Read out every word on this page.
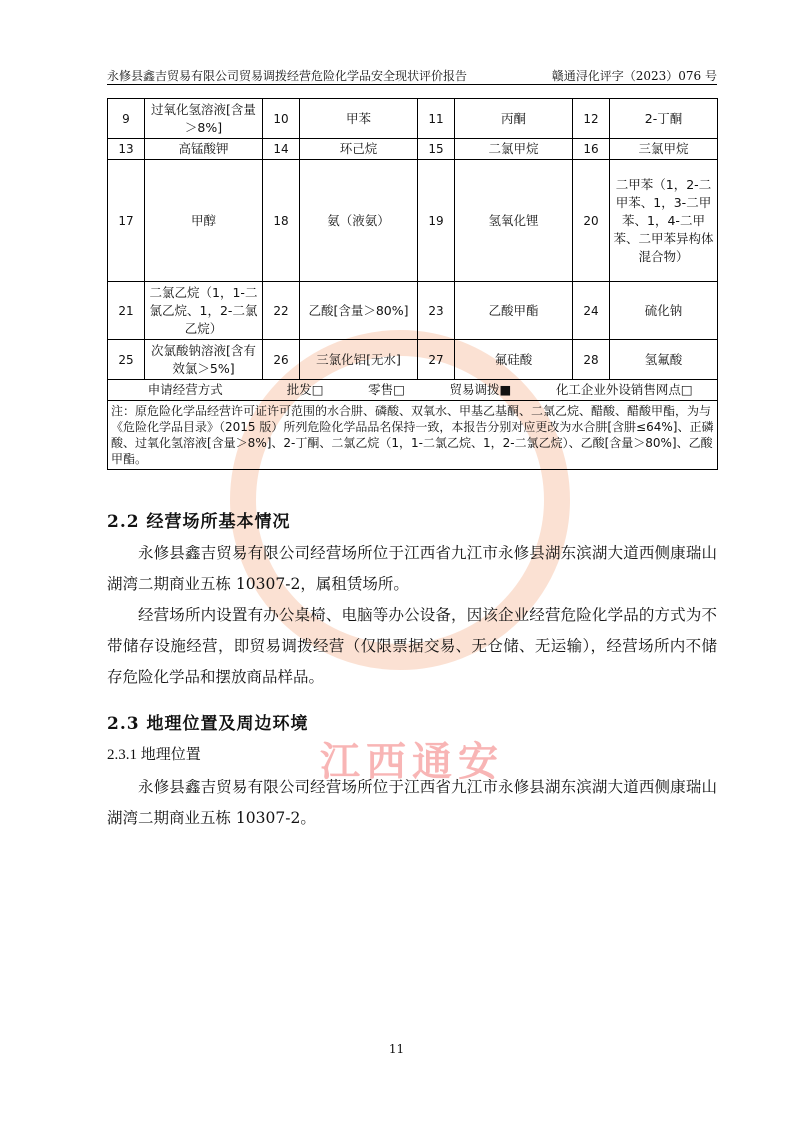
江西通安
永修县鑫吉贸易有限公司贸易调拨经营危险化学品安全现状评价报告	赣通浔化评字（2023）076 号
9	过氧化氢溶液[含量＞8%]	10	甲苯	11	丙酮	12	2-丁酮
13	高锰酸钾	14	环己烷	15	二氯甲烷	16	三氯甲烷
17	甲醇	18	氨（液氨）	19	氢氧化锂	20	二甲苯（1，2-二甲苯、1，3-二甲苯、1，4-二甲苯、二甲苯异构体混合物）
21	二氯乙烷（1，1-二氯乙烷、1，2-二氯乙烷）	22	乙酸[含量＞80%]	23	乙酸甲酯	24	硫化钠
25	次氯酸钠溶液[含有效氯＞5%]	26	三氯化铝[无水]	27	氟硅酸	28	氢氟酸
申请经营方式		批发□ 零售□ 贸易调拨■ 化工企业外设销售网点□					

注：原危险化学品经营许可证许可范围的水合肼、磷酸、双氧水、甲基乙基酮、二氯乙烷、醋酸、醋酸甲酯，为与《危险化学品目录》（2015 版）所列危险化学品品名保持一致，本报告分别对应更改为水合肼[含肼≤64%]、正磷酸、过氧化氢溶液[含量＞8%]、2-丁酮、二氯乙烷（1，1-二氯乙烷、1，2-二氯乙烷）、乙酸[含量＞80%]、乙酸甲酯。							
2.2 经营场所基本情况

永修县鑫吉贸易有限公司经营场所位于江西省九江市永修县湖东滨湖大道西侧康瑞山湖湾二期商业五栋 10307-2，属租赁场所。

经营场所内设置有办公桌椅、电脑等办公设备，因该企业经营危险化学品的方式为不带储存设施经营，即贸易调拨经营（仅限票据交易、无仓储、无运输），经营场所内不储存危险化学品和摆放商品样品。

2.3 地理位置及周边环境
2.3.1 地理位置

永修县鑫吉贸易有限公司经营场所位于江西省九江市永修县湖东滨湖大道西侧康瑞山湖湾二期商业五栋 10307-2。

11
